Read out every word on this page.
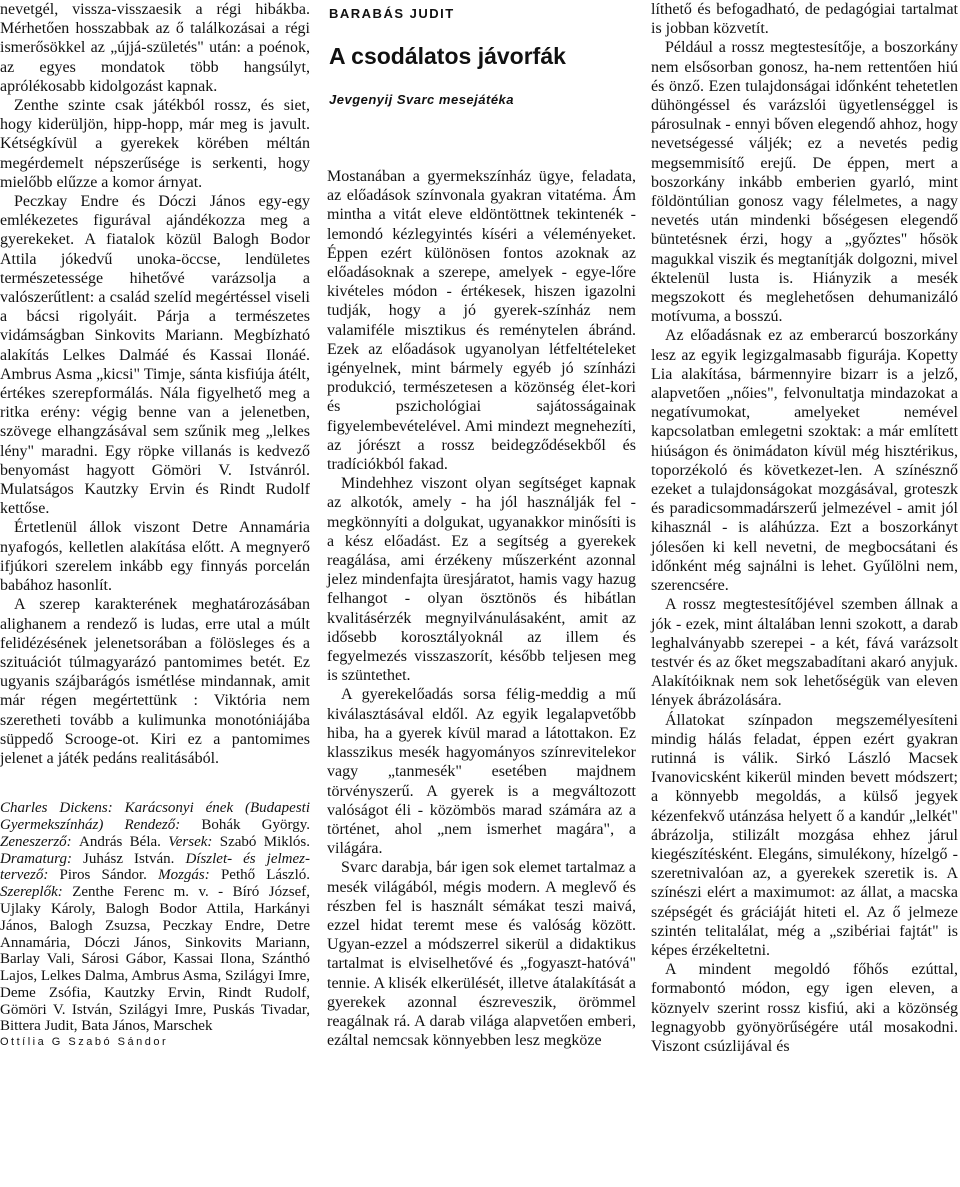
nevetgél, vissza-visszaesik a régi hibákba. Mérhetően hosszabbak az ő találkozásai a régi ismerősökkel az „újjá-születés" után: a poénok, az egyes mondatok több hangsúlyt, aprólékosabb kidolgozást kapnak.

Zenthe szinte csak játékból rossz, és siet, hogy kiderüljön, hipp-hopp, már meg is javult. Kétségkívül a gyerekek körében méltán megérdemelt népszerűsége is serkenti, hogy mielőbb elűzze a komor árnyat.

Peczkay Endre és Dóczi János egy-egy emlékezetes figurával ajándékozza meg a gyerekeket. A fiatalok közül Balogh Bodor Attila jókedvű unoka-öccse, lendületes természetessége hihetővé varázsolja a valószerűtlent: a család szelíd megértéssel viseli a bácsi rigolyáit. Párja a természetes vidámságban Sinkovits Mariann. Megbízható alakítás Lelkes Dalmáé és Kassai Ilonáé. Ambrus Asma „kicsi" Timje, sánta kisfiúja átélt, értékes szerepformálás. Nála figyelhető meg a ritka erény: végig benne van a jelenetben, szövege elhangzásával sem szűnik meg „lelkes lény" maradni. Egy röpke villanás is kedvező benyomást hagyott Gömöri V. Istvánról. Mulatságos Kautzky Ervin és Rindt Rudolf kettőse.

Értetlenül állok viszont Detre Annamária nyafogós, kelletlen alakítása előtt. A megnyerő ifjúkori szerelem inkább egy finnyás porcelán babához hasonlít.

A szerep karakterének meghatározásában alighanem a rendező is ludas, erre utal a múlt felidézésének jelenetsorában a fölösleges és a szituációt túlmagyarázó pantomimes betét. Ez ugyanis szájbarágós ismétlése mindannak, amit már régen megértettünk : Viktória nem szeretheti tovább a kulimunka monotóniájába süppedő Scrooge-ot. Kiri ez a pantomimes jelenet a játék pedáns realitásából.

Charles Dickens: Karácsonyi ének (Budapesti Gyermekszínház) Rendező: Bohák György. Zeneszerző: András Béla. Versek: Szabó Miklós. Dramaturg: Juhász István. Díszlet- és jelmez-tervező: Piros Sándor. Mozgás: Pethő László. Szereplők: Zenthe Ferenc m. v. - Bíró József, Ujlaky Károly, Balogh Bodor Attila, Harkányi János, Balogh Zsuzsa, Peczkay Endre, Detre Annamária, Dóczi János, Sinkovits Mariann, Barlay Vali, Sárosi Gábor, Kassai Ilona, Szánthó Lajos, Lelkes Dalma, Ambrus Asma, Szilágyi Imre, Deme Zsófia, Kautzky Ervin, Rindt Rudolf, Gömöri V. István, Szilágyi Imre, Puskás Tivadar, Bittera Judit, Bata János, Marschek
Ottília G Szabó Sándor
BARABÁS JUDIT
A csodálatos jávorfák
Jevgenyij Svarc mesejátéka

Mostanában a gyermekszínház ügye, feladata, az előadások színvonala gyakran vitatéma. Ám mintha a vitát eleve eldöntöttnek tekintenék - lemondó kézlegyintés kíséri a véleményeket. Éppen ezért különösen fontos azoknak az előadásoknak a szerepe, amelyek - egye-lőre kivételes módon - értékesek, hiszen igazolni tudják, hogy a jó gyerek-színház nem valamiféle misztikus és reménytelen ábránd. Ezek az előadások ugyanolyan létfeltételeket igényelnek, mint bármely egyéb jó színházi produkció, természetesen a közönség élet-kori és pszichológiai sajátosságainak figyelembevételével. Ami mindezt megnehezíti, az jórészt a rossz beidegződésekből és tradíciókból fakad.

Mindehhez viszont olyan segítséget kapnak az alkotók, amely - ha jól használják fel - megkönnyíti a dolgukat, ugyanakkor minősíti is a kész előadást. Ez a segítség a gyerekek reagálása, ami érzékeny műszerként azonnal jelez mindenfajta üresjáratot, hamis vagy hazug felhangot - olyan ösztönös és hibátlan kvalitásérzék megnyilvánulásaként, amit az idősebb korosztályoknál az illem és fegyelmezés visszaszorít, később teljesen meg is szüntethet.

A gyerekelőadás sorsa félig-meddig a mű kiválasztásával eldől. Az egyik legalapvetőbb hiba, ha a gyerek kívül marad a látottakon. Ez klasszikus mesék hagyományos színrevitelekor vagy „tanmesék" esetében majdnem törvényszerű. A gyerek is a megváltozott valóságot éli - közömbös marad számára az a történet, ahol „nem ismerhet magára", a világára.

Svarc darabja, bár igen sok elemet tartalmaz a mesék világából, mégis modern. A meglevő és részben fel is használt sémákat teszi maivá, ezzel hidat teremt mese és valóság között. Ugyan-ezzel a módszerrel sikerül a didaktikus tartalmat is elviselhetővé és „fogyaszt-hatóvá" tennie. A klisék elkerülését, illetve átalakítását a gyerekek azonnal észreveszik, örömmel reagálnak rá. A darab világa alapvetően emberi, ezáltal nemcsak könnyebben lesz megköze

líthető és befogadható, de pedagógiai tartalmat is jobban közvetít.

Például a rossz megtestesítője, a boszorkány nem elsősorban gonosz, ha-nem rettentően hiú és önző. Ezen tulajdonságai időnként tehetetlen dühöngéssel és varázslói ügyetlenséggel is párosulnak - ennyi bőven elegendő ahhoz, hogy nevetségessé váljék; ez a nevetés pedig megsemmisítő erejű. De éppen, mert a boszorkány inkább emberien gyarló, mint földöntúlian gonosz vagy félelmetes, a nagy nevetés után mindenki bőségesen elegendő büntetésnek érzi, hogy a „győztes" hősök magukkal viszik és megtanítják dolgozni, mivel éktelenül lusta is. Hiányzik a mesék megszokott és meglehetősen dehumanizáló motívuma, a bosszú.

Az előadásnak ez az emberarcú boszorkány lesz az egyik legizgalmasabb figurája. Kopetty Lia alakítása, bármennyire bizarr is a jelző, alapvetően „nőies", felvonultatja mindazokat a negatívumokat, amelyeket nemével kapcsolatban emlegetni szoktak: a már említett hiúságon és önimádaton kívül még hisztérikus, toporzékoló és következet-len. A színésznő ezeket a tulajdonságokat mozgásával, groteszk és paradicsommadárszerű jelmezével - amit jól kihasznál - is aláhúzza. Ezt a boszorkányt jólesően ki kell nevetni, de megbocsátani és időnként még sajnálni is lehet. Gyűlölni nem, szerencsére.

A rossz megtestesítőjével szemben állnak a jók - ezek, mint általában lenni szokott, a darab leghalványabb szerepei - a két, fává varázsolt testvér és az őket megszabadítani akaró anyjuk. Alakítóiknak nem sok lehetőségük van eleven lények ábrázolására.

Állatokat színpadon megszemélyesíteni mindig hálás feladat, éppen ezért gyakran rutinná is válik. Sirkó László Macsek Ivanovicsként kikerül minden bevett módszert; a könnyebb megoldás, a külső jegyek kézenfekvő utánzása helyett ő a kandúr „lelkét" ábrázolja, stilizált mozgása ehhez járul kiegészítésként. Elegáns, simulékony, hízelgő - szeretnivalóan az, a gyerekek szeretik is. A színészi elért a maximumot: az állat, a macska szépségét és gráciáját hiteti el. Az ő jelmeze szintén telitalálat, még a „szibériai fajtát" is képes érzékeltetni.

A mindent megoldó főhős ezúttal, formabontó módon, egy igen eleven, a köznyelv szerint rossz kisfiú, aki a közönség legnagyobb gyönyörűségére utál mosakodni. Viszont csúzlijával és
